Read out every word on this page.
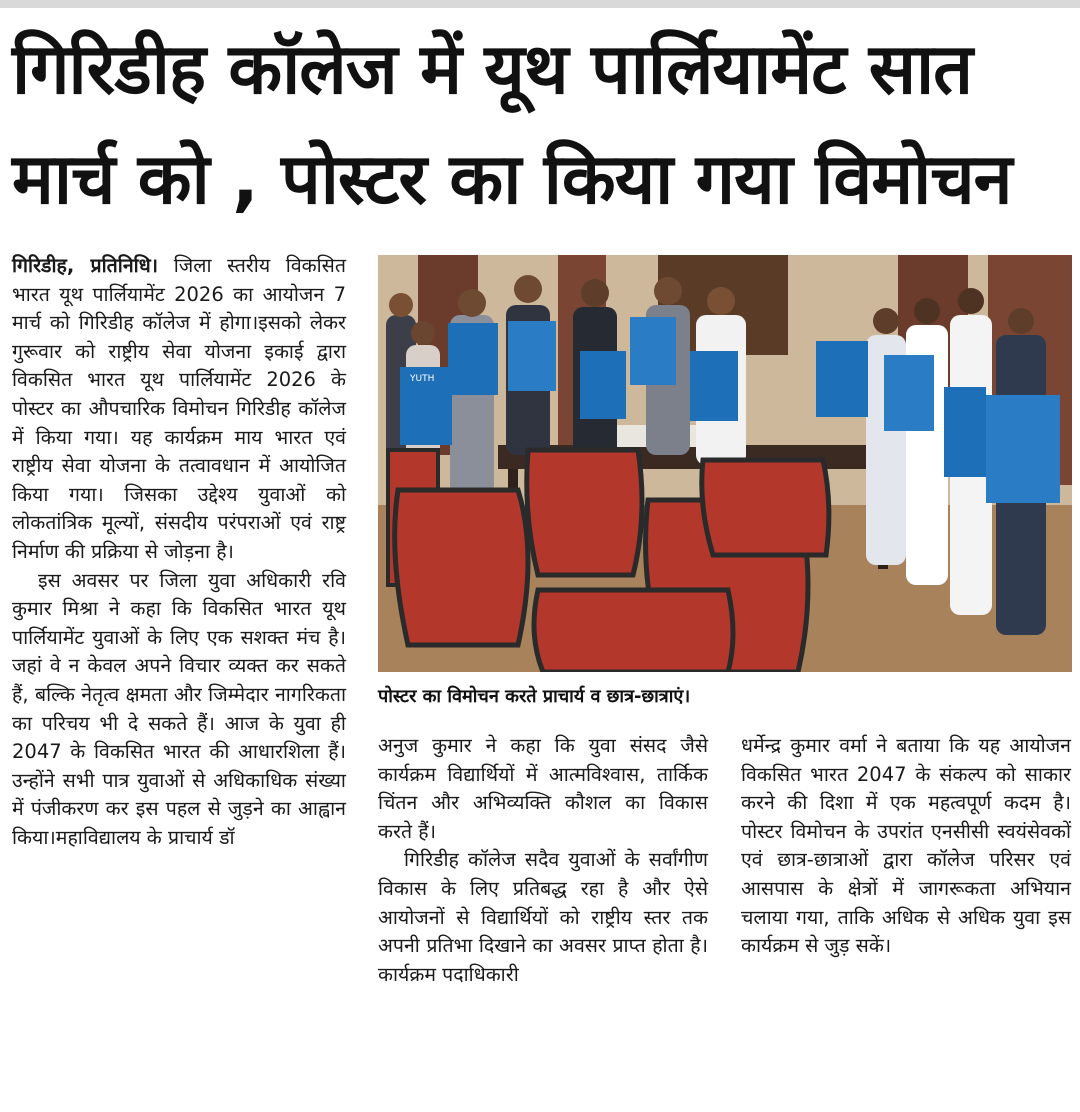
गिरिडीह कॉलेज में यूथ पार्लियामेंट सात
मार्च को , पोस्टर का किया गया विमोचन

गिरिडीह, प्रतिनिधि। जिला स्तरीय विकसित भारत यूथ पार्लियामेंट 2026 का आयोजन 7 मार्च को गिरिडीह कॉलेज में होगा।इसको लेकर गुरूवार को राष्ट्रीय सेवा योजना इकाई द्वारा विकसित भारत यूथ पार्लियामेंट 2026 के पोस्टर का औपचारिक विमोचन गिरिडीह कॉलेज में किया गया। यह कार्यक्रम माय भारत एवं राष्ट्रीय सेवा योजना के तत्वावधान में आयोजित किया गया। जिसका उद्देश्य युवाओं को लोकतांत्रिक मूल्यों, संसदीय परंपराओं एवं राष्ट्र निर्माण की प्रक्रिया से जोड़ना है।

इस अवसर पर जिला युवा अधिकारी रवि कुमार मिश्रा ने कहा कि विकसित भारत यूथ पार्लियामेंट युवाओं के लिए एक सशक्त मंच है।जहां वे न केवल अपने विचार व्यक्त कर सकते हैं, बल्कि नेतृत्व क्षमता और जिम्मेदार नागरिकता का परिचय भी दे सकते हैं। आज के युवा ही 2047 के विकसित भारत की आधारशिला हैं।उन्होंने सभी पात्र युवाओं से अधिकाधिक संख्या में पंजीकरण कर इस पहल से जुड़ने का आह्वान किया।महाविद्यालय के प्राचार्य डॉ

YUTH
पोस्टर का विमोचन करते प्राचार्य व छात्र-छात्राएं।

अनुज कुमार ने कहा कि युवा संसद जैसे कार्यक्रम विद्यार्थियों में आत्मविश्वास, तार्किक चिंतन और अभिव्यक्ति कौशल का विकास करते हैं।

गिरिडीह कॉलेज सदैव युवाओं के सर्वांगीण विकास के लिए प्रतिबद्ध रहा है और ऐसे आयोजनों से विद्यार्थियों को राष्ट्रीय स्तर तक अपनी प्रतिभा दिखाने का अवसर प्राप्त होता है।कार्यक्रम पदाधिकारी

धर्मेन्द्र कुमार वर्मा ने बताया कि यह आयोजन विकसित भारत 2047 के संकल्प को साकार करने की दिशा में एक महत्वपूर्ण कदम है। पोस्टर विमोचन के उपरांत एनसीसी स्वयंसेवकों एवं छात्र-छात्राओं द्वारा कॉलेज परिसर एवं आसपास के क्षेत्रों में जागरूकता अभियान चलाया गया, ताकि अधिक से अधिक युवा इस कार्यक्रम से जुड़ सकें।
